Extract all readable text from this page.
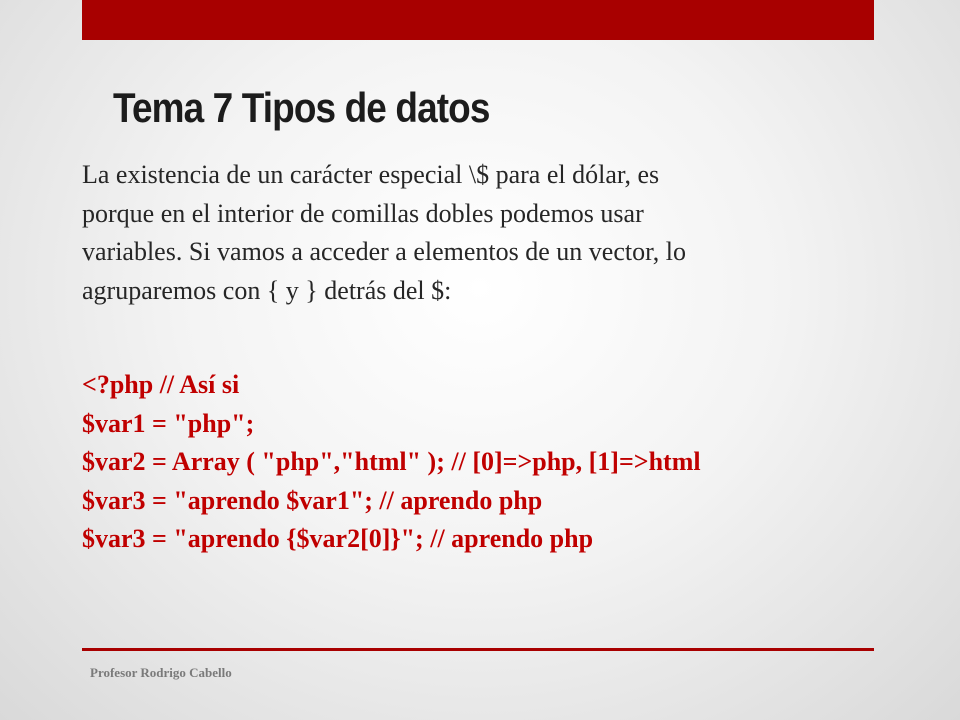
Tema 7 Tipos de datos

La existencia de un carácter especial \$ para el dólar, es
porque en el interior de comillas dobles podemos usar
variables. Si vamos a acceder a elementos de un vector, lo
agruparemos con { y } detrás del $:

<?php // Así si
$var1 = "php";
$var2 = Array ( "php","html" ); // [0]=>php, [1]=>html
$var3 = "aprendo $var1"; // aprendo php
$var3 = "aprendo {$var2[0]}"; // aprendo php

Profesor Rodrigo Cabello
